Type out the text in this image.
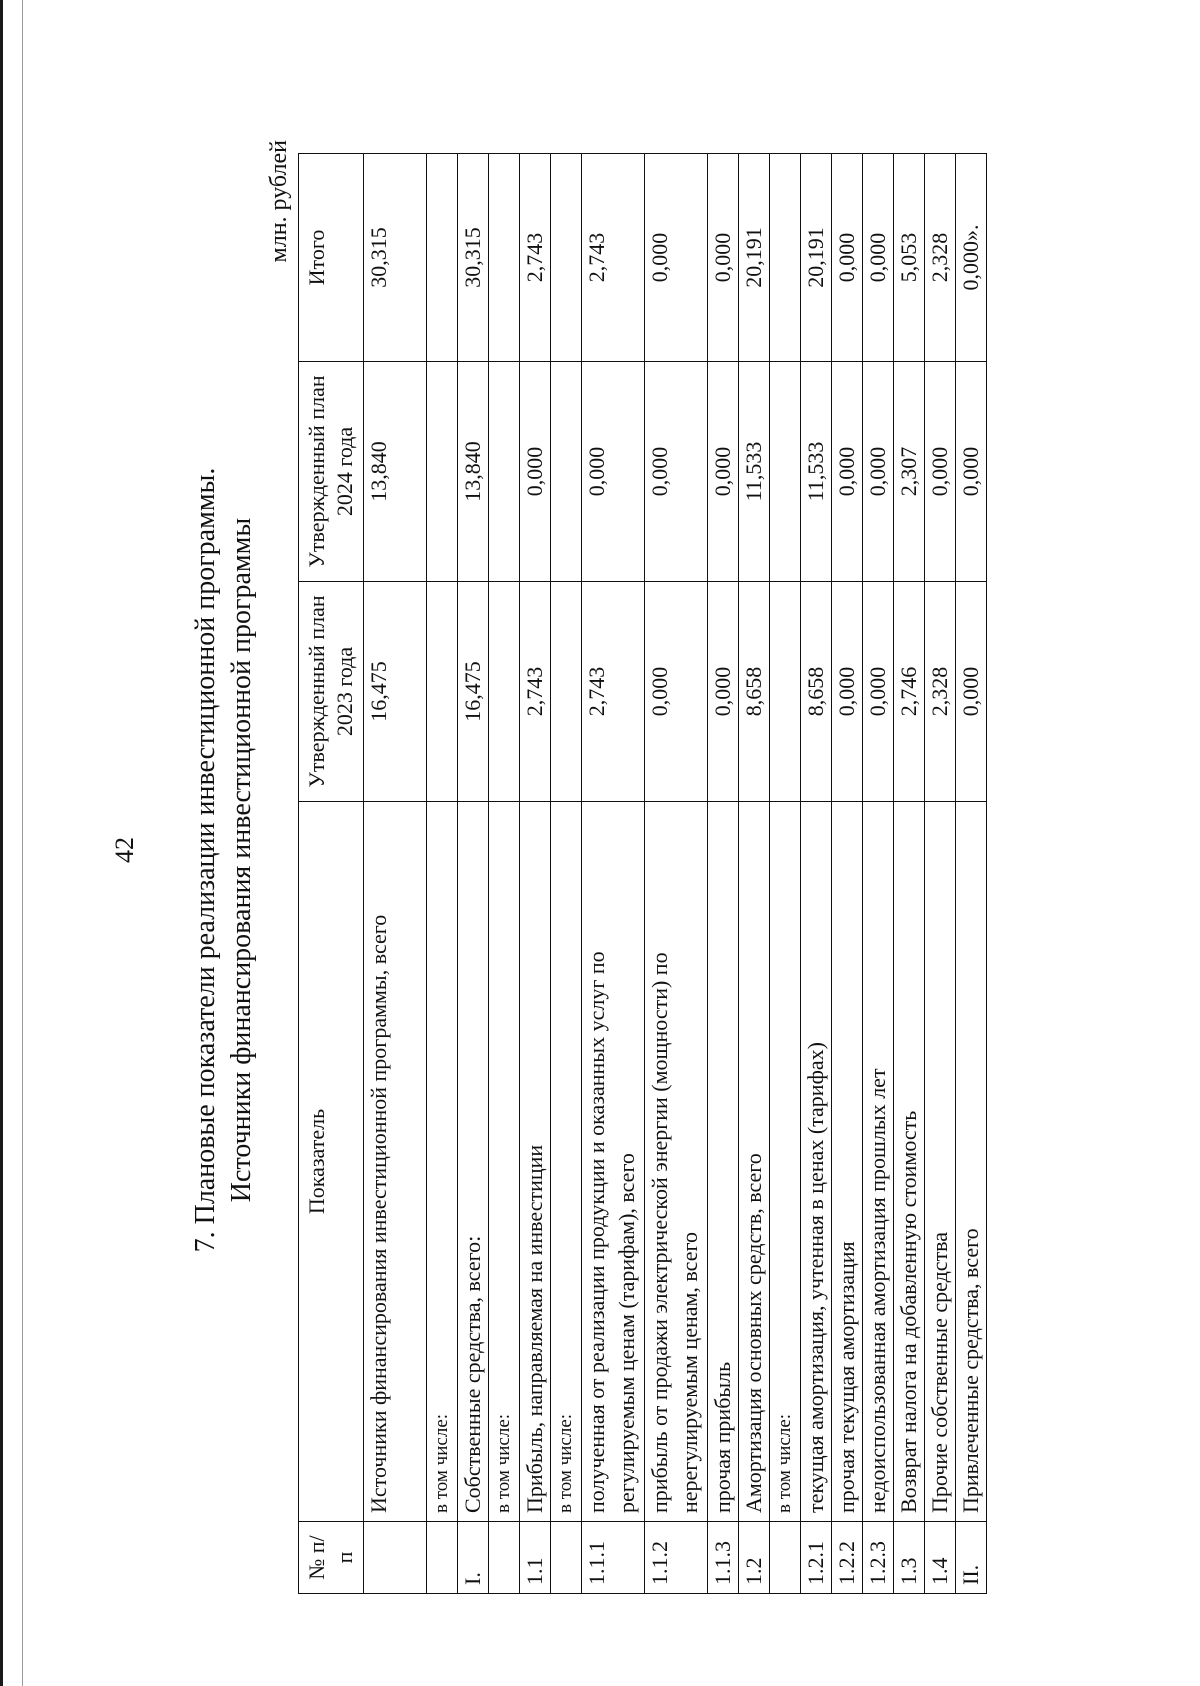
42 7. Плановые показатели реализации инвестиционной программы. Источники финансирования инвестиционной программы
млн. рублей
№ п/п	Показатель	Утвержденный план 2023 года	Утвержденный план 2024 года	Итого
	Источники финансирования инвестиционной программы, всего	16,475	13,840	30,315
	в том числе:			
I.	Собственные средства, всего:	16,475	13,840	30,315
	в том числе:			
1.1	Прибыль, направляемая на инвестиции	2,743	0,000	2,743
	в том числе:			
1.1.1	полученная от реализации продукции и оказанных услуг по регулируемым ценам (тарифам), всего	2,743	0,000	2,743
1.1.2	прибыль от продажи электрической энергии (мощности) по нерегулируемым ценам, всего	0,000	0,000	0,000
1.1.3	прочая прибыль	0,000	0,000	0,000
1.2	Амортизация основных средств, всего	8,658	11,533	20,191
	в том числе:			
1.2.1	текущая амортизация, учтенная в ценах (тарифах)	8,658	11,533	20,191
1.2.2	прочая текущая амортизация	0,000	0,000	0,000
1.2.3	недоиспользованная амортизация прошлых лет	0,000	0,000	0,000
1.3	Возврат налога на добавленную стоимость	2,746	2,307	5,053
1.4	Прочие собственные средства	2,328	0,000	2,328
II.	Привлеченные средства, всего	0,000	0,000	0,000».
